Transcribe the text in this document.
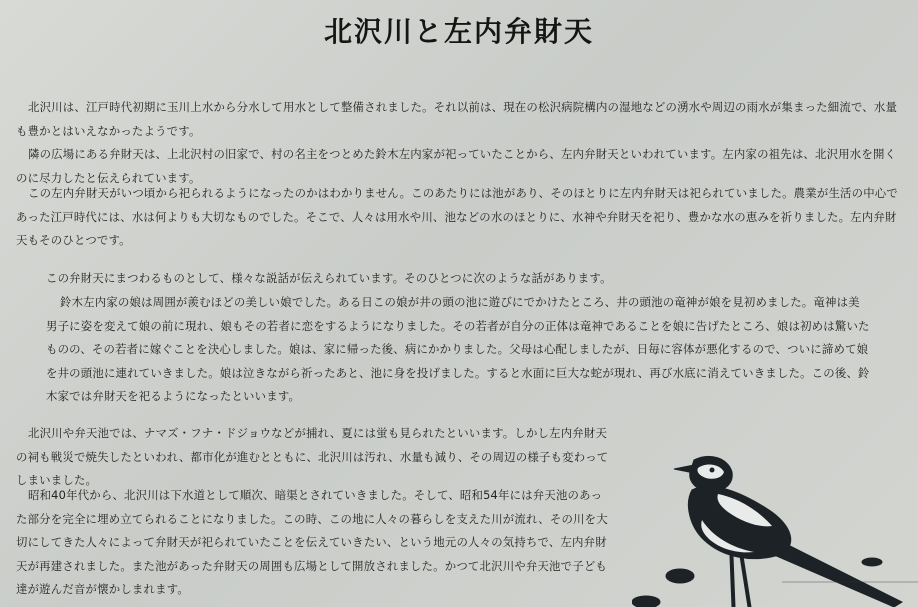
北沢川と左内弁財天

北沢川は、江戸時代初期に玉川上水から分水して用水として整備されました。それ以前は、現在の松沢病院構内の湿地などの湧水や周辺の雨水が集まった細流で、水量も豊かとはいえなかったようです。

隣の広場にある弁財天は、上北沢村の旧家で、村の名主をつとめた鈴木左内家が祀っていたことから、左内弁財天といわれています。左内家の祖先は、北沢用水を開くのに尽力したと伝えられています。

この左内弁財天がいつ頃から祀られるようになったのかはわかりません。このあたりには池があり、そのほとりに左内弁財天は祀られていました。農業が生活の中心であった江戸時代には、水は何よりも大切なものでした。そこで、人々は用水や川、池などの水のほとりに、水神や弁財天を祀り、豊かな水の恵みを祈りました。左内弁財天もそのひとつです。

この弁財天にまつわるものとして、様々な説話が伝えられています。そのひとつに次のような話があります。

鈴木左内家の娘は周囲が羨むほどの美しい娘でした。ある日この娘が井の頭の池に遊びにでかけたところ、井の頭池の竜神が娘を見初めました。竜神は美男子に姿を変えて娘の前に現れ、娘もその若者に恋をするようになりました。その若者が自分の正体は竜神であることを娘に告げたところ、娘は初めは驚いたものの、その若者に嫁ぐことを決心しました。娘は、家に帰った後、病にかかりました。父母は心配しましたが、日毎に容体が悪化するので、ついに諦めて娘を井の頭池に連れていきました。娘は泣きながら祈ったあと、池に身を投げました。すると水面に巨大な蛇が現れ、再び水底に消えていきました。この後、鈴木家では弁財天を祀るようになったといいます。

北沢川や弁天池では、ナマズ・フナ・ドジョウなどが捕れ、夏には蛍も見られたといいます。しかし左内弁財天の祠も戦災で焼失したといわれ、都市化が進むとともに、北沢川は汚れ、水量も減り、その周辺の様子も変わってしまいました。

昭和40年代から、北沢川は下水道として順次、暗渠とされていきました。そして、昭和54年には弁天池のあった部分を完全に埋め立てられることになりました。この時、この地に人々の暮らしを支えた川が流れ、その川を大切にしてきた人々によって弁財天が祀られていたことを伝えていきたい、という地元の人々の気持ちで、左内弁財天が再建されました。また池があった弁財天の周囲も広場として開放されました。かつて北沢川や弁天池で子ども達が遊んだ音が懐かしまれます。
